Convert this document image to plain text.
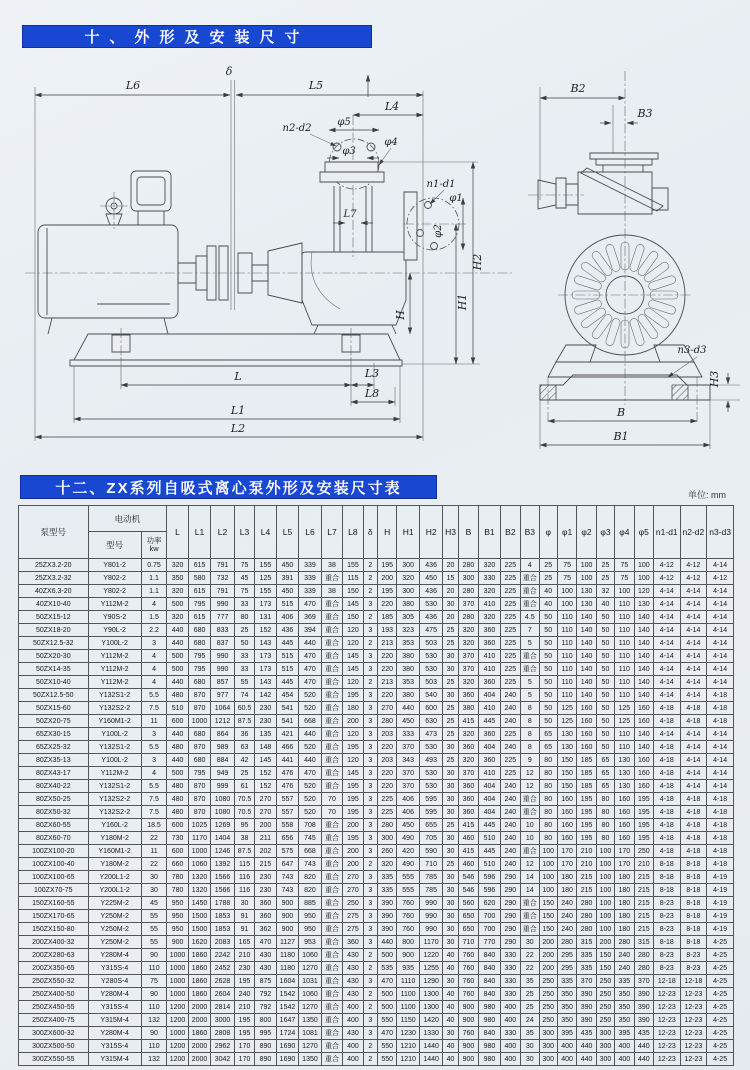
十、外形及安装尺寸
L6
δ
L5
L4
n2-d2
φ5
φ3
φ4
L7
n1-d1
φ1
φ2
H
H1
H2
L	L3
L8
L1
L2
B2
B3
n3-d3
H3
B
B1
十二、ZX系列自吸式离心泵外形及安装尺寸表	单位: mm
泵型号	电动机		L	L1	L2	L3	L4	L5	L6	L7	L8	δ	H	H1	H2	H3	B	B1	B2	B3	φ	φ1	φ2	φ3	φ4	φ5	n1-d1	n2-d2	n3-d3
	型号	功率
kw																											

25ZX3.2-20	Y801-2	0.75	320	615	791	75	155	450	339	38	155	2	195	300	436	20	280	320	225	4	25	75	100	25	75	100	4-12	4-12	4-14
25ZX3.2-32	Y802-2	1.1	350	580	732	45	125	391	339	重合	115	2	200	320	450	15	300	330	225	重合	25	75	100	25	75	100	4-12	4-12	4-12
40ZX6.3-20	Y802-2	1.1	320	615	791	75	155	450	339	38	150	2	195	300	436	20	280	320	225	重合	40	100	130	32	100	120	4-14	4-14	4-14
40ZX10-40	Y112M-2	4	500	795	990	33	173	515	470	重合	145	3	220	380	530	30	370	410	225	重合	40	100	130	40	110	130	4-14	4-14	4-14
50ZX15-12	Y90S-2	1.5	320	615	777	80	131	406	369	重合	150	2	185	305	436	20	280	320	225	4.5	50	110	140	50	110	140	4-14	4-14	4-14
50ZX18-20	Y90L-2	2.2	440	680	833	25	152	436	394	重合	120	3	193	323	475	25	320	360	225	7	50	110	140	50	110	140	4-14	4-14	4-14
50ZX12.5-32	Y100L-2	3	440	680	837	50	143	445	440	重合	120	2	213	353	503	25	320	360	225	5	50	110	140	50	110	140	4-14	4-14	4-14
50ZX20-30	Y112M-2	4	500	795	990	33	173	515	470	重合	145	3	220	380	530	30	370	410	225	重合	50	110	140	50	110	140	4-14	4-14	4-14
50ZX14-35	Y112M-2	4	500	795	990	33	173	515	470	重合	145	3	220	380	530	30	370	410	225	重合	50	110	140	50	110	140	4-14	4-14	4-14
50ZX10-40	Y112M-2	4	440	680	857	55	143	445	470	重合	120	2	213	353	503	25	320	360	225	5	50	110	140	50	110	140	4-14	4-14	4-14
50ZX12.5-50	Y132S1-2	5.5	480	870	977	74	142	454	520	重合	195	3	220	380	540	30	360	404	240	5	50	110	140	50	110	140	4-14	4-14	4-18
50ZX15-60	Y132S2-2	7.5	510	870	1064	60.5	230	541	520	重合	180	3	270	440	600	25	380	410	240	8	50	125	160	50	125	160	4-18	4-18	4-18
50ZX20-75	Y160M1-2	11	600	1000	1212	87.5	230	541	668	重合	200	3	280	450	630	25	415	445	240	8	50	125	160	50	125	160	4-18	4-18	4-18
65ZX30-15	Y100L-2	3	440	680	864	36	135	421	440	重合	120	3	203	333	473	25	320	360	225	8	65	130	160	50	110	140	4-14	4-14	4-14
65ZX25-32	Y132S1-2	5.5	480	870	989	63	148	466	520	重合	195	3	220	370	530	30	360	404	240	8	65	130	160	50	110	140	4-18	4-14	4-14
80ZX35-13	Y100L-2	3	440	680	884	42	145	441	440	重合	120	3	203	343	493	25	320	360	225	9	80	150	185	65	130	160	4-18	4-14	4-14
80ZX43-17	Y112M-2	4	500	795	949	25	152	476	470	重合	145	3	220	370	530	30	370	410	225	12	80	150	185	65	130	160	4-18	4-14	4-14
80ZX40-22	Y132S1-2	5.5	480	870	999	61	152	476	520	重合	195	3	220	370	530	30	360	404	240	12	80	150	185	65	130	160	4-18	4-14	4-14
80ZX50-25	Y132S2-2	7.5	480	870	1080	70.5	270	557	520	70	195	3	225	406	595	30	360	404	240	重合	80	160	195	80	160	195	4-18	4-18	4-18
80ZX50-32	Y132S2-2	7.5	480	870	1080	70.5	270	557	520	70	195	3	225	406	595	30	360	404	240	重合	80	160	195	80	160	195	4-18	4-18	4-18
80ZX60-55	Y160L-2	18.5	600	1025	1269	95	200	558	708	重合	200	3	280	450	655	25	415	445	240	10	80	160	195	80	160	195	4-18	4-18	4-18
80ZX60-70	Y180M-2	22	730	1170	1404	38	211	656	745	重合	195	3	300	490	705	30	460	510	240	10	80	160	195	80	160	195	4-18	4-18	4-18
100ZX100-20	Y160M1-2	11	600	1000	1246	87.5	202	575	668	重合	200	3	260	420	590	30	415	445	240	重合	100	170	210	100	170	250	4-18	4-18	4-18
100ZX100-40	Y180M-2	22	660	1060	1392	115	215	647	743	重合	200	2	320	490	710	25	460	510	240	12	100	170	210	100	170	210	8-18	8-18	4-18
100ZX100-65	Y200L1-2	30	780	1320	1566	116	230	743	820	重合	270	3	335	555	785	30	546	596	290	14	100	180	215	100	180	215	8-18	8-18	4-19
100ZX70-75	Y200L1-2	30	780	1320	1566	116	230	743	820	重合	270	3	335	555	785	30	546	596	290	14	100	180	215	100	180	215	8-18	8-18	4-19
150ZX160-55	Y225M-2	45	950	1450	1788	30	360	900	885	重合	250	3	390	760	990	30	560	620	290	重合	150	240	280	100	180	215	8-23	8-18	4-19
150ZX170-65	Y250M-2	55	950	1500	1853	91	360	900	950	重合	275	3	390	760	990	30	650	700	290	重合	150	240	280	100	180	215	8-23	8-18	4-19
150ZX150-80	Y250M-2	55	950	1500	1853	91	362	900	950	重合	275	3	390	760	990	30	650	700	290	重合	150	240	280	100	180	215	8-23	8-18	4-19
200ZX400-32	Y250M-2	55	900	1620	2083	165	470	1127	953	重合	360	3	440	800	1170	30	710	770	290	30	200	280	315	200	280	315	8-18	8-18	4-25
200ZX280-63	Y280M-4	90	1000	1860	2242	210	430	1180	1060	重合	430	2	500	900	1220	40	760	840	330	22	200	295	335	150	240	280	8-23	8-23	4-25
200ZX350-65	Y315S-4	110	1000	1860	2452	230	430	1180	1270	重合	430	2	535	935	1255	40	760	840	330	22	200	295	335	150	240	280	8-23	8-23	4-25
250ZX550-32	Y280S-4	75	1000	1860	2628	195	875	1604	1031	重合	430	3	470	1110	1290	30	760	840	330	35	250	335	370	250	335	370	12-18	12-18	4-25
250ZX400-50	Y280M-4	90	1000	1860	2604	240	792	1542	1060	重合	430	2	500	1100	1300	40	760	840	330	25	250	350	390	250	350	390	12-23	12-23	4-25
250ZX450-55	Y315S-4	110	1200	2000	2814	210	792	1542	1270	重合	400	2	500	1100	1300	40	900	980	400	25	250	350	390	250	350	390	12-23	12-23	4-25
250ZX400-75	Y315M-4	132	1200	2000	3000	195	800	1647	1350	重合	400	3	550	1150	1420	40	900	980	400	24	250	350	390	250	350	390	12-23	12-23	4-25
300ZX600-32	Y280M-4	90	1000	1860	2808	195	995	1724	1081	重合	430	3	470	1230	1330	30	760	840	330	35	300	395	435	300	395	435	12-23	12-23	4-25
300ZX500-50	Y315S-4	110	1200	2000	2962	170	890	1690	1270	重合	400	2	550	1210	1440	40	900	980	400	30	300	400	440	300	400	440	12-23	12-23	4-25
300ZX550-55	Y315M-4	132	1200	2000	3042	170	890	1690	1350	重合	400	2	550	1210	1440	40	900	980	400	30	300	400	440	300	400	440	12-23	12-23	4-25
